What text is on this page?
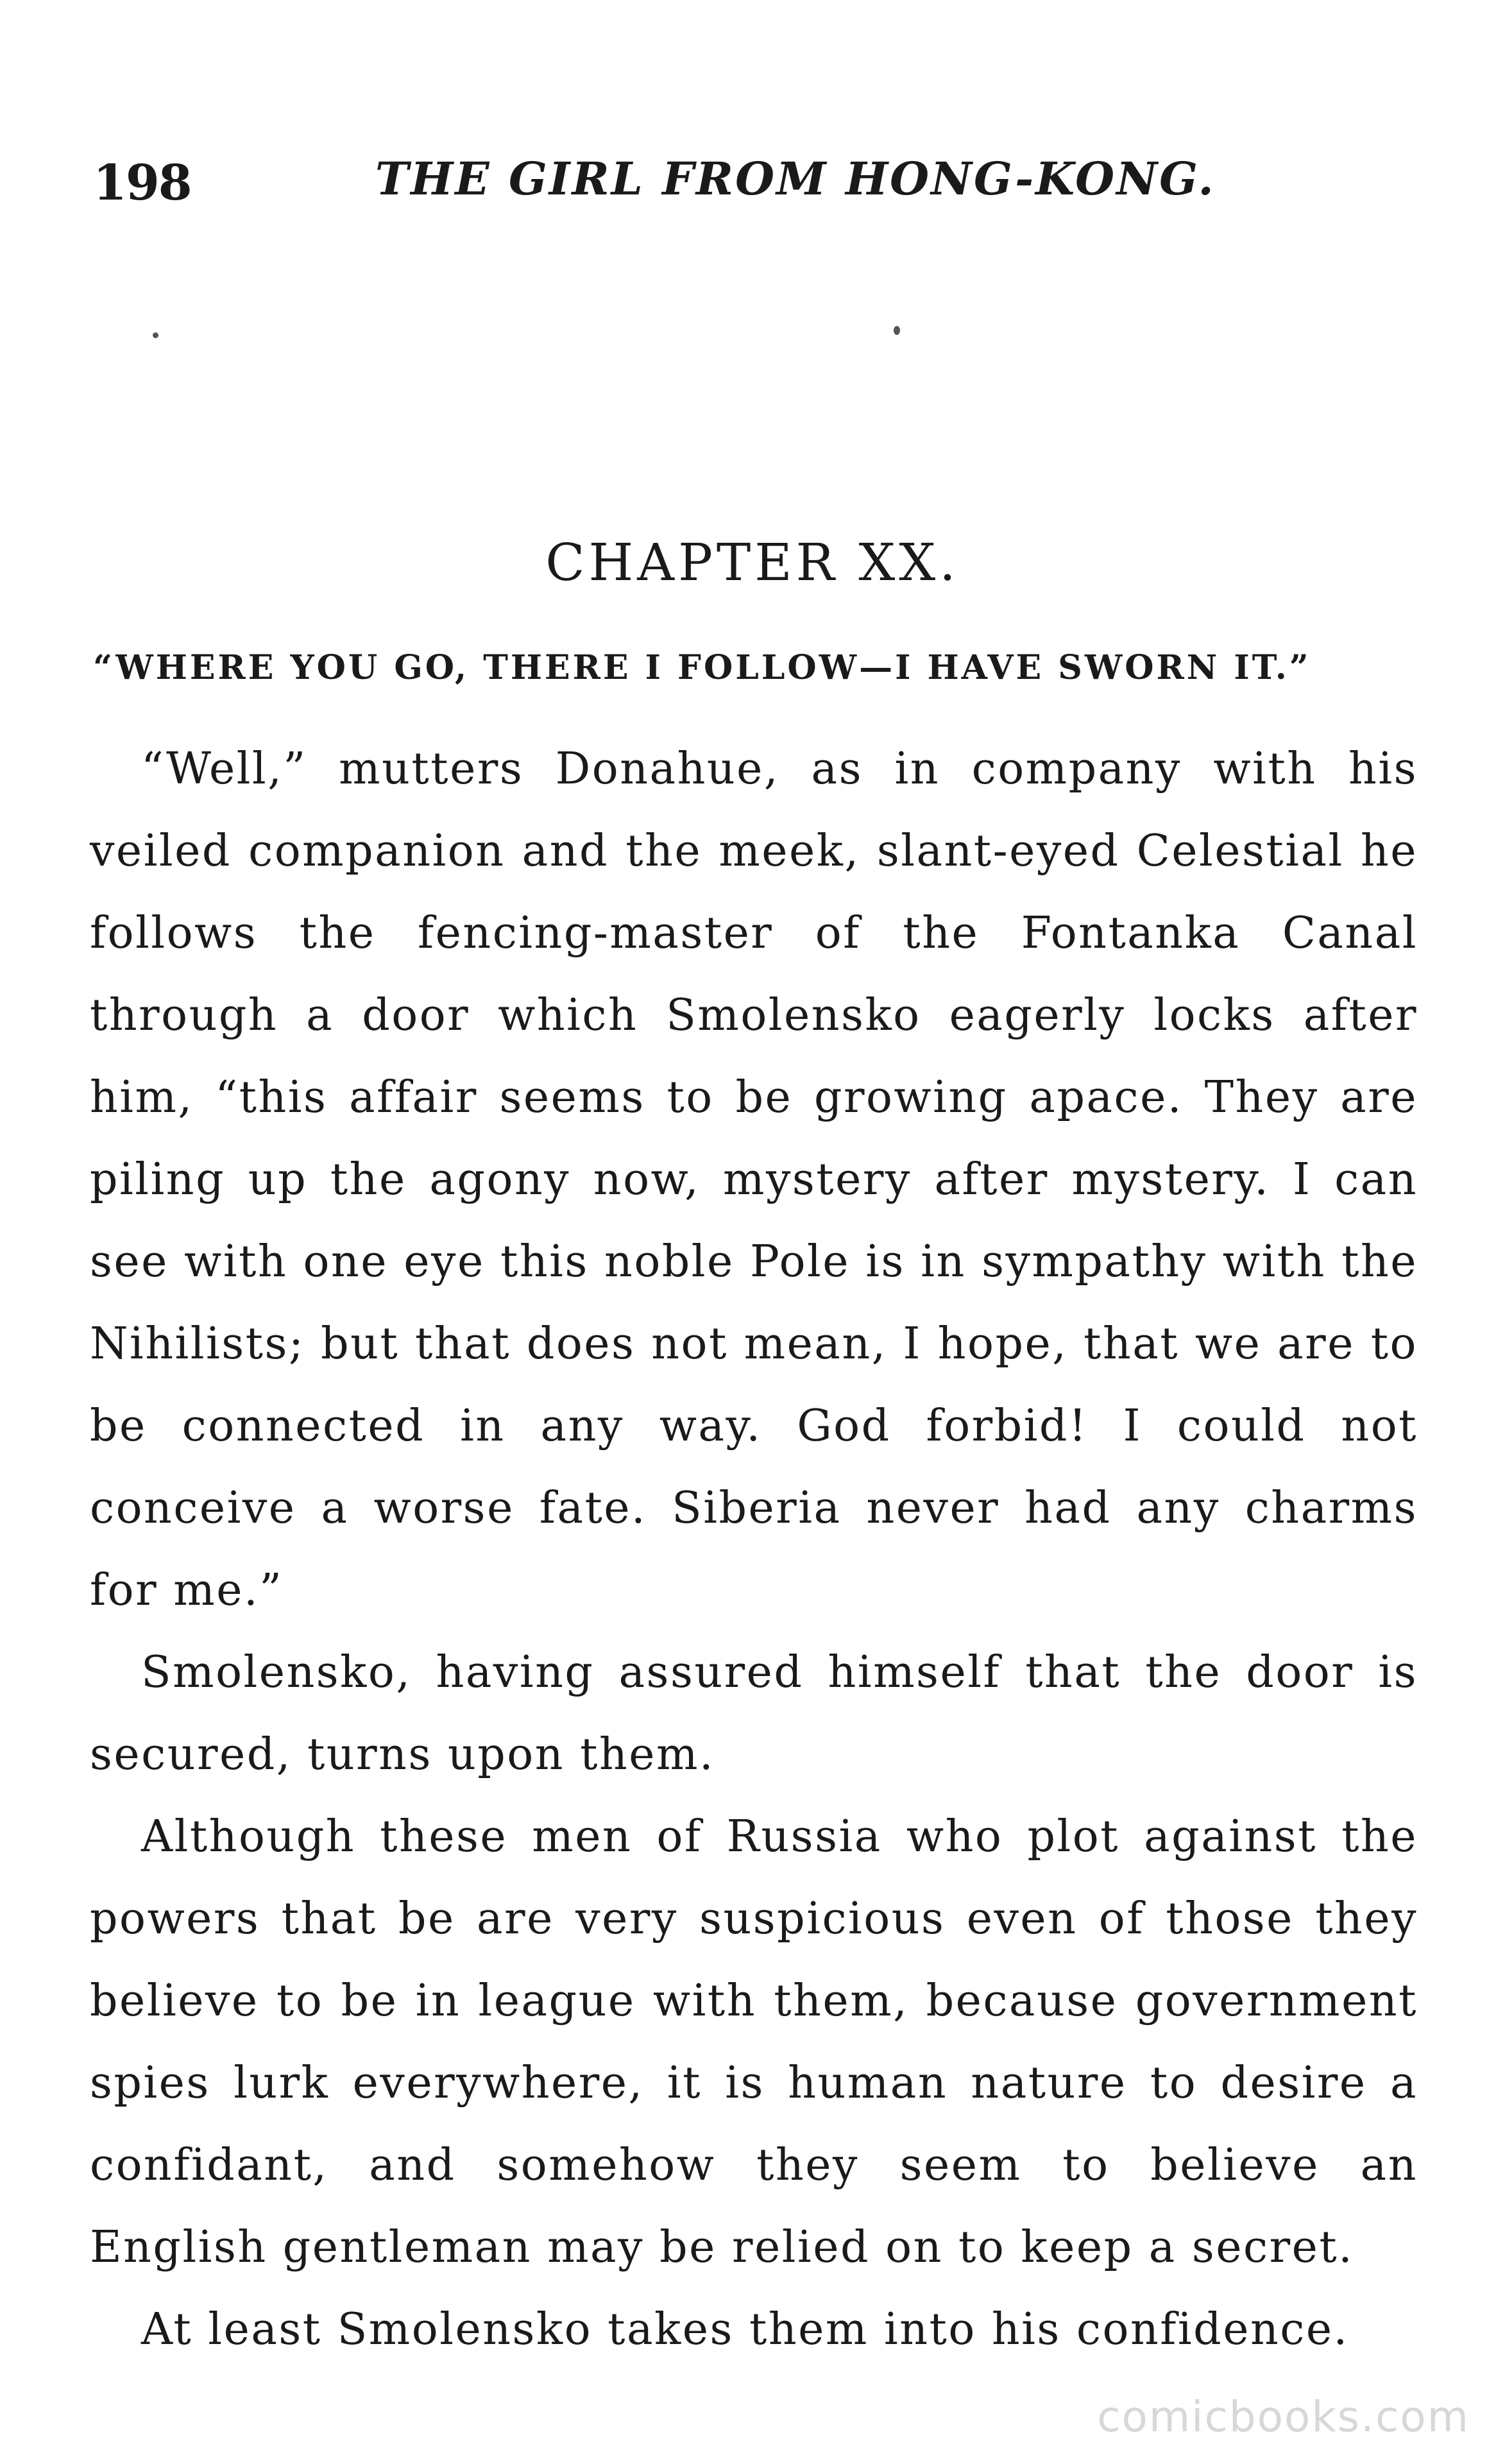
198	THE GIRL FROM HONG-KONG.
CHAPTER XX.
“WHERE YOU GO, THERE I FOLLOW—I HAVE SWORN IT.”

“Well,” mutters Donahue, as in company with his veiled companion and the meek, slant-eyed Celestial he follows the fencing-master of the Fontanka Canal through a door which Smolensko eagerly locks after him, “this affair seems to be growing apace. They are piling up the agony now, mystery after mystery. I can see with one eye this noble Pole is in sympathy with the Nihilists; but that does not mean, I hope, that we are to be connected in any way. God forbid! I could not conceive a worse fate. Siberia never had any charms for me.”

Smolensko, having assured himself that the door is secured, turns upon them.

Although these men of Russia who plot against the powers that be are very suspicious even of those they believe to be in league with them, because government spies lurk everywhere, it is human nature to desire a confidant, and somehow they seem to believe an English gentleman may be relied on to keep a secret.

At least Smolensko takes them into his confidence.

comicbooks.com
